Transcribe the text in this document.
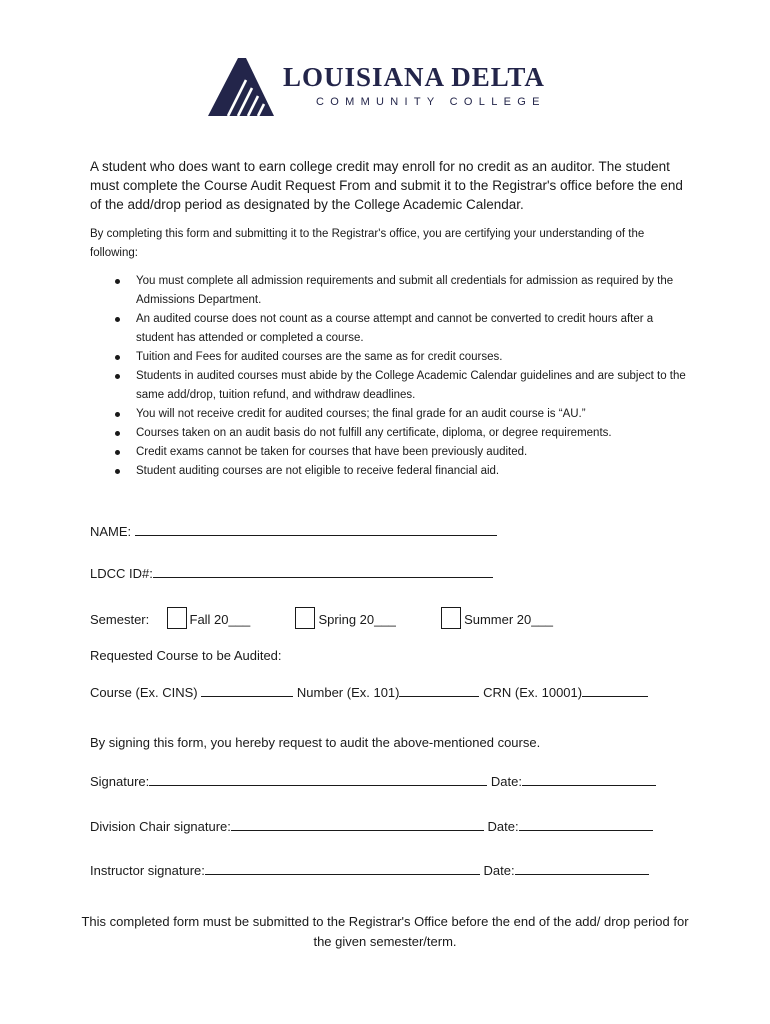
LOUISIANA DELTA
COMMUNITY COLLEGE

A student who does want to earn college credit may enroll for no credit as an auditor. The student must complete the Course Audit Request From and submit it to the Registrar's office before the end of the add/drop period as designated by the College Academic Calendar.

By completing this form and submitting it to the Registrar's office, you are certifying your understanding of the following:

You must complete all admission requirements and submit all credentials for admission as required by the Admissions Department.
An audited course does not count as a course attempt and cannot be converted to credit hours after a student has attended or completed a course.
Tuition and Fees for audited courses are the same as for credit courses.
Students in audited courses must abide by the College Academic Calendar guidelines and are subject to the same add/drop, tuition refund, and withdraw deadlines.
You will not receive credit for audited courses; the final grade for an audit course is “AU.”
Courses taken on an audit basis do not fulfill any certificate, diploma, or degree requirements.
Credit exams cannot be taken for courses that have been previously audited.
Student auditing courses are not eligible to receive federal financial aid.
NAME:
LDCC ID#:
Semester:	Fall 20___	Spring 20___	Summer 20___
Requested Course to be Audited:
Course (Ex. CINS)	Number (Ex. 101)	CRN (Ex. 10001)
By signing this form, you hereby request to audit the above-mentioned course.
Signature:	Date:
Division Chair signature:	Date:
Instructor signature:	Date:

This completed form must be submitted to the Registrar's Office before the end of the add/ drop period for the given semester/term.
